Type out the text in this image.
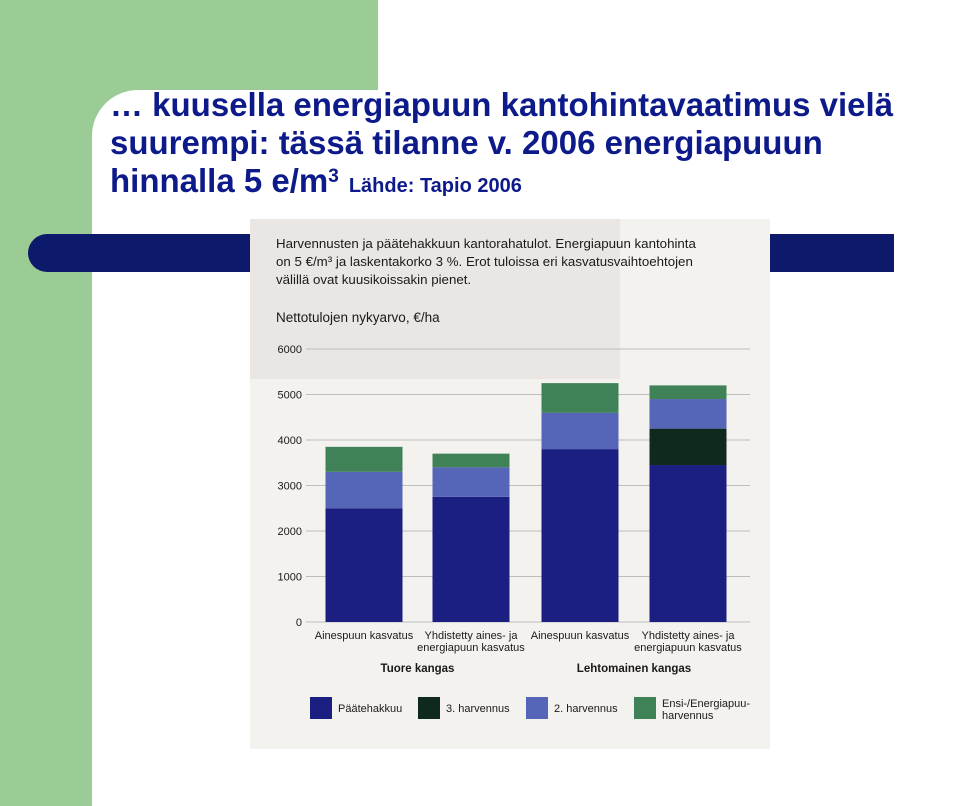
… kuusella energiapuun kantohintavaatimus vielä
suurempi: tässä tilanne v. 2006 energiapuuun
hinnalla 5 $e/m^3$ Lähde: Tapio 2006
Harvennusten ja päätehakkuun kantorahatulot. Energiapuun kantohinta
on 5 €/m³ ja laskentakorko 3 %. Erot tuloissa eri kasvatusvaihtoehtojen
välillä ovat kuusikoissakin pienet.
Nettotulojen nykyarvo, €/ha
0
1000
2000
3000
4000
5000
6000
Ainespuun kasvatus Yhdistetty aines- ja
energiapuun kasvatus
Ainespuun kasvatus Yhdistetty aines- ja
energiapuun kasvatus
Tuore kangas	Lehtomainen kangas
Päätehakkuu	3. harvennus	2. harvennus	Ensi-/Energiapuu-
harvennus
